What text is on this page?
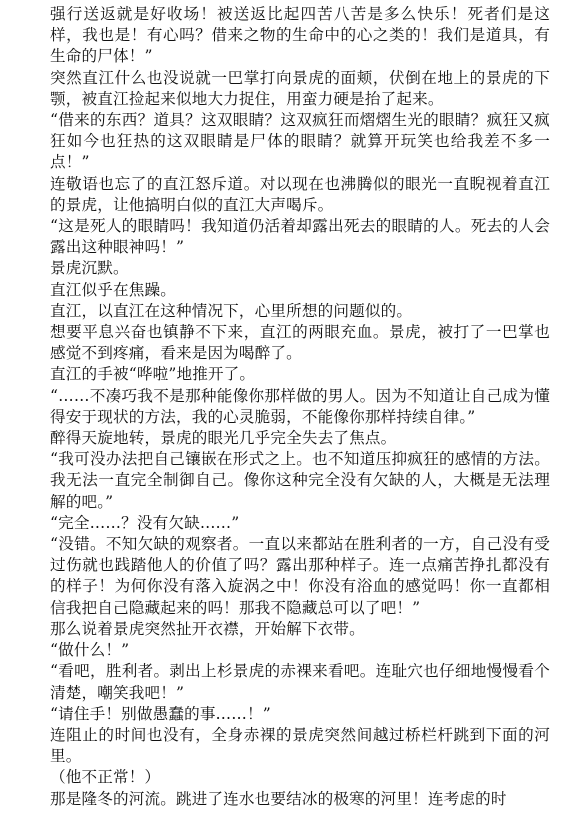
强行送返就是好收场！被送返比起四苦八苦是多么快乐！死者们是这样，我也是！有心吗？借来之物的生命中的心之类的！我们是道具，有生命的尸体！”

突然直江什么也没说就一巴掌打向景虎的面颊，伏倒在地上的景虎的下颚，被直江捡起来似地大力捉住，用蛮力硬是抬了起来。

“借来的东西？道具？这双眼睛？这双疯狂而熠熠生光的眼睛？疯狂又疯狂如今也狂热的这双眼睛是尸体的眼睛？就算开玩笑也给我差不多一点！”

连敬语也忘了的直江怒斥道。对以现在也沸腾似的眼光一直睨视着直江的景虎，让他搞明白似的直江大声喝斥。

“这是死人的眼睛吗！我知道仍活着却露出死去的眼睛的人。死去的人会露出这种眼神吗！”

景虎沉默。

直江似乎在焦躁。

直江，以直江在这种情况下，心里所想的问题似的。

想要平息兴奋也镇静不下来，直江的两眼充血。景虎，被打了一巴掌也感觉不到疼痛，看来是因为喝醉了。

直江的手被“哗啦”地推开了。

“……不凑巧我不是那种能像你那样做的男人。因为不知道让自己成为懂得安于现状的方法，我的心灵脆弱，不能像你那样持续自律。”

醉得天旋地转，景虎的眼光几乎完全失去了焦点。

“我可没办法把自己镶嵌在形式之上。也不知道压抑疯狂的感情的方法。我无法一直完全制御自己。像你这种完全没有欠缺的人，大概是无法理解的吧。”

“完全……？没有欠缺……”

“没错。不知欠缺的观察者。一直以来都站在胜利者的一方，自己没有受过伤就也践踏他人的价值了吗？露出那种样子。连一点痛苦挣扎都没有的样子！为何你没有落入旋涡之中！你没有浴血的感觉吗！你一直都相信我把自己隐藏起来的吗！那我不隐藏总可以了吧！”

那么说着景虎突然扯开衣襟，开始解下衣带。

“做什么！”

“看吧，胜利者。剥出上杉景虎的赤裸来看吧。连耻穴也仔细地慢慢看个清楚，嘲笑我吧！”

“请住手！别做愚蠢的事……！”

连阻止的时间也没有，全身赤裸的景虎突然间越过桥栏杆跳到下面的河里。

（他不正常！）

那是隆冬的河流。跳进了连水也要结冰的极寒的河里！连考虑的时
